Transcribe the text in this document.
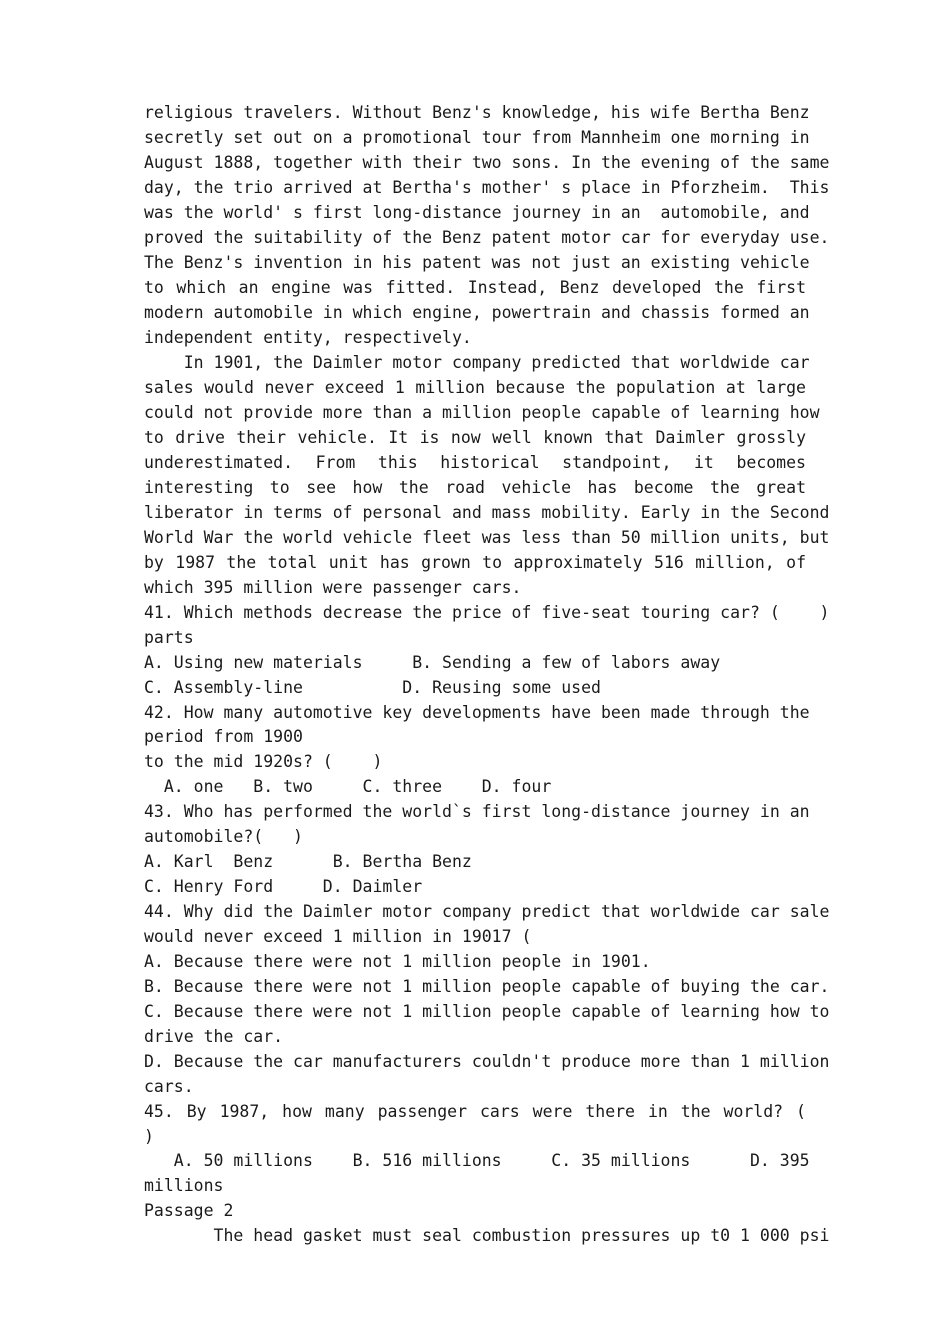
religious travelers. Without Benz's knowledge, his wife Bertha Benz
secretly set out on a promotional tour from Mannheim one morning in
August 1888, together with their two sons. In the evening of the same
day, the trio arrived at Bertha's mother' s place in Pforzheim.  This
was the world' s first long-distance journey in an  automobile, and
proved the suitability of the Benz patent motor car for everyday use.
The Benz's invention in his patent was not just an existing vehicle
to which an engine was fitted. Instead, Benz developed the first
modern automobile in which engine, powertrain and chassis formed an
independent entity, respectively.
In 1901, the Daimler motor company predicted that worldwide car
sales would never exceed 1 million because the population at large
could not provide more than a million people capable of learning how
to drive their vehicle. It is now well known that Daimler grossly
underestimated. From this historical standpoint, it becomes
interesting to see how the road vehicle has become the great
liberator in terms of personal and mass mobility. Early in the Second
World War the world vehicle fleet was less than 50 million units, but
by 1987 the total unit has grown to approximately 516 million, of
which 395 million were passenger cars.
41. Which methods decrease the price of five-seat touring car? (    )
parts
A. Using new materials     B. Sending a few of labors away
C. Assembly-line          D. Reusing some used
42. How many automotive key developments have been made through the
period from 1900
to the mid 1920s? (    )
A. one   B. two     C. three    D. four
43. Who has performed the world`s first long-distance journey in an
automobile?(   )
A. Karl  Benz      B. Bertha Benz
C. Henry Ford     D. Daimler
44. Why did the Daimler motor company predict that worldwide car sale
would never exceed 1 million in 19017 (
A. Because there were not 1 million people in 1901.
B. Because there were not 1 million people capable of buying the car.
C. Because there were not 1 million people capable of learning how to
drive the car.
D. Because the car manufacturers couldn't produce more than 1 million
cars.
45. By 1987, how many passenger cars were there in the world? (
)
A. 50 millions    B. 516 millions     C. 35 millions      D. 395
millions
Passage 2
The head gasket must seal combustion pressures up t0 1 000 psi
